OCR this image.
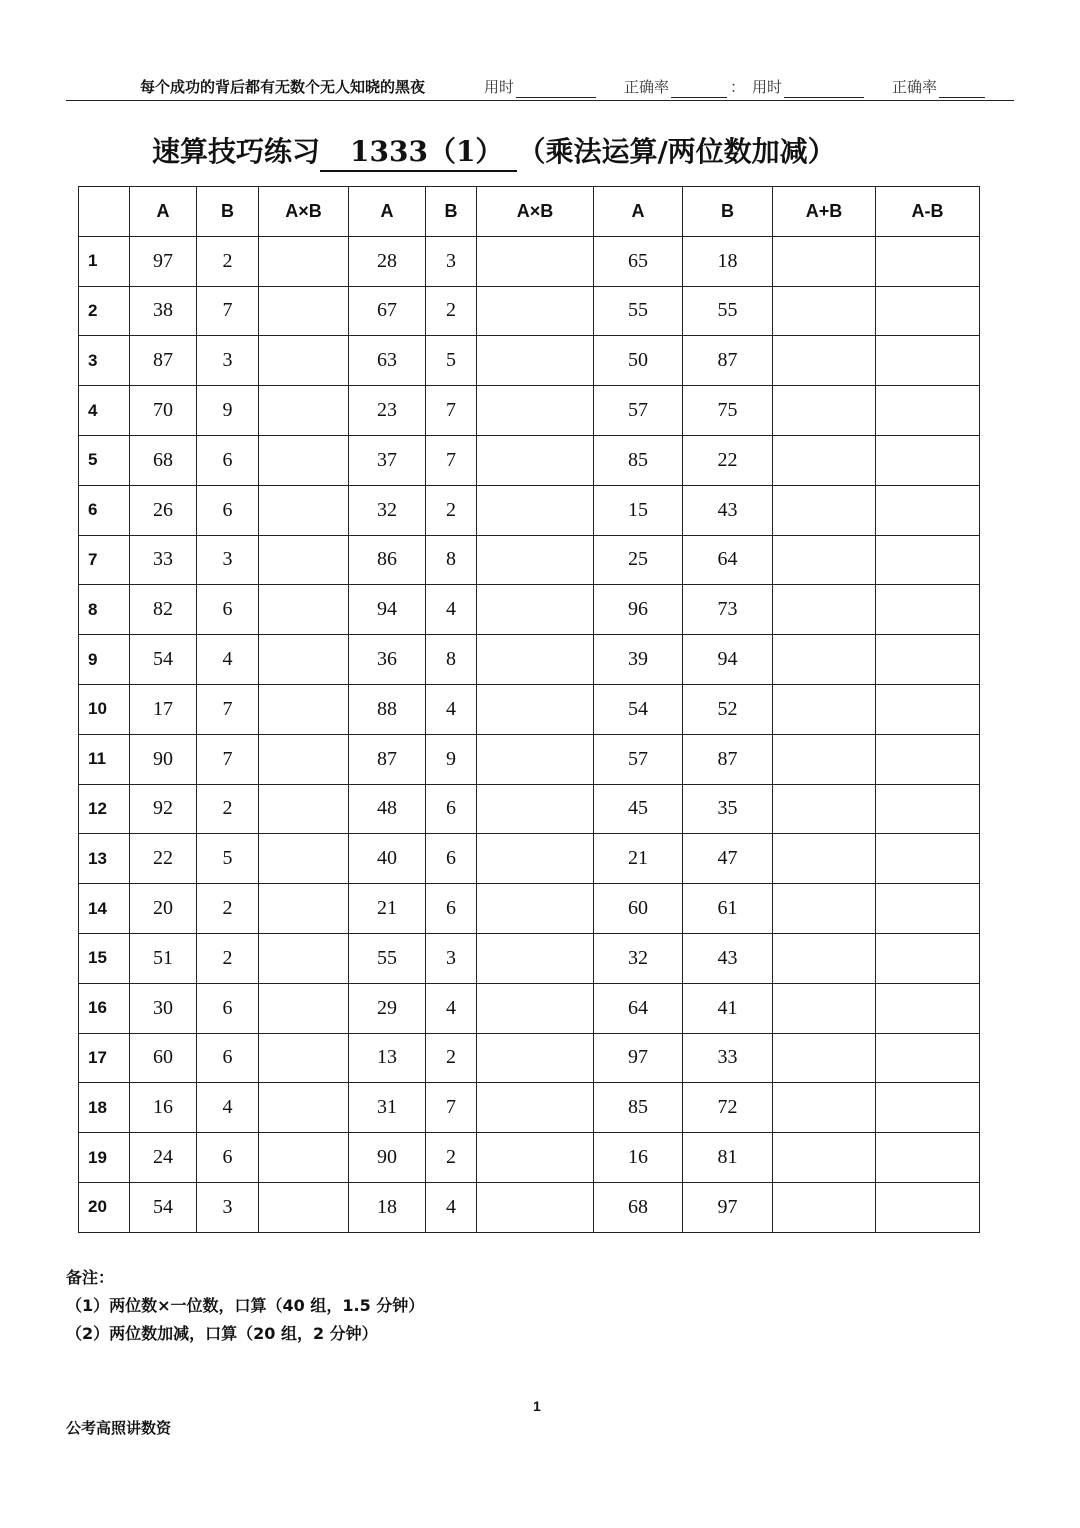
每个成功的背后都有无数个无人知晓的黑夜	用时	正确率	： 用时	正确率
速算技巧练习 1333（1） （乘法运算/两位数加减）
	A	B	A×B	A	B	A×B	A	B	A+B	A-B
1	97	2		28	3		65	18		
2	38	7		67	2		55	55		
3	87	3		63	5		50	87		
4	70	9		23	7		57	75		
5	68	6		37	7		85	22		
6	26	6		32	2		15	43		
7	33	3		86	8		25	64		
8	82	6		94	4		96	73		
9	54	4		36	8		39	94		
10	17	7		88	4		54	52		
11	90	7		87	9		57	87		
12	92	2		48	6		45	35		
13	22	5		40	6		21	47		
14	20	2		21	6		60	61		
15	51	2		55	3		32	43		
16	30	6		29	4		64	41		
17	60	6		13	2		97	33		
18	16	4		31	7		85	72		
19	24	6		90	2		16	81		
20	54	3		18	4		68	97		
备注：
（1）两位数×一位数，口算（40 组，1.5 分钟）
（2）两位数加减，口算（20 组，2 分钟）
1
公考高照讲数资
